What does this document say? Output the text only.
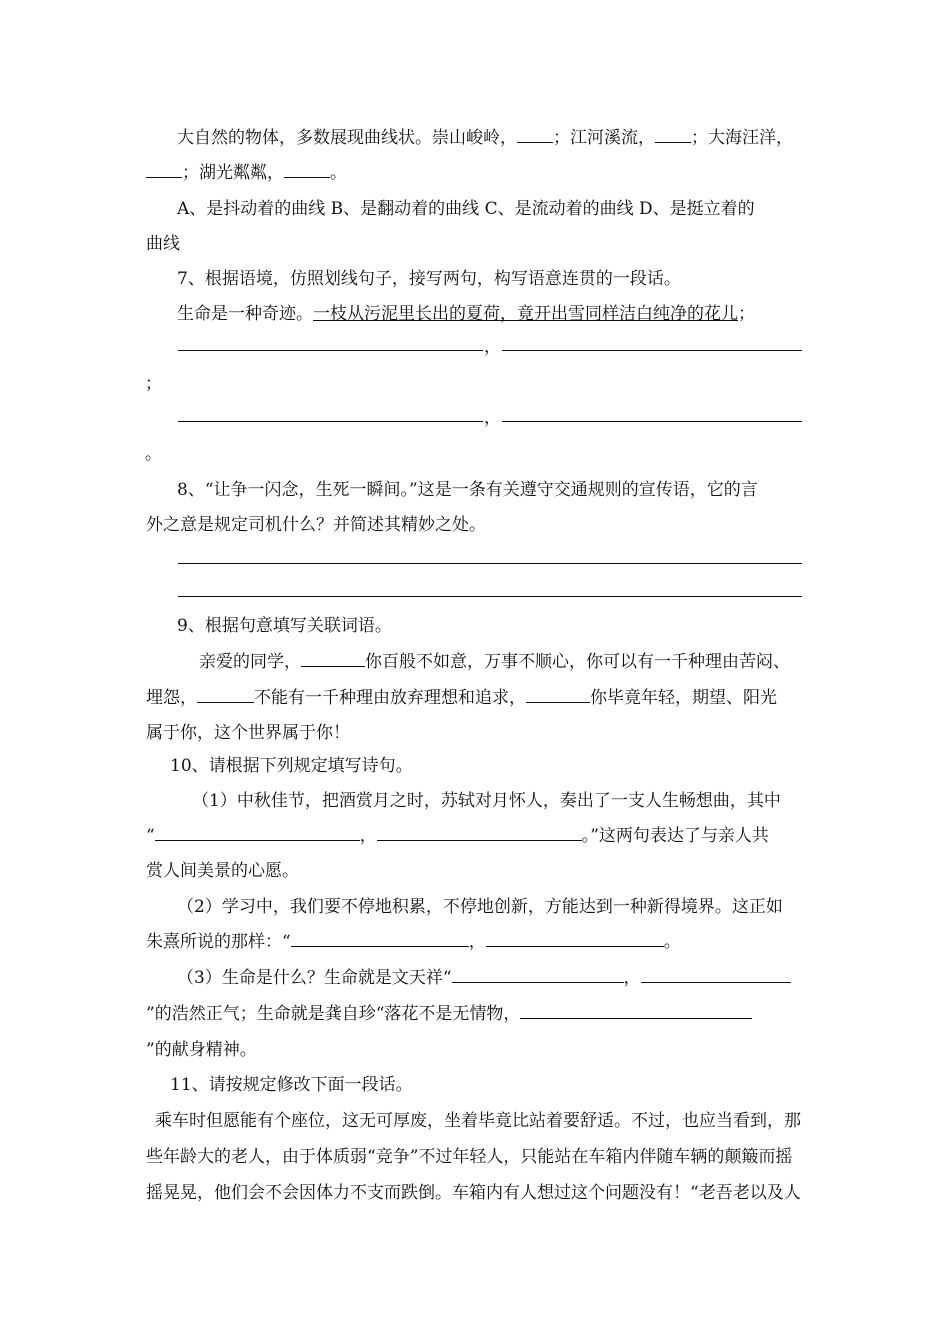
大自然的物体，多数展现曲线状。崇山峻岭， ；江河溪流， ；大海汪洋，
；湖光粼粼，	。
A、是抖动着的曲线 B、是翻动着的曲线 C、是流动着的曲线 D、是挺立着的
曲线
7、根据语境，仿照划线句子，接写两句，构写语意连贯的一段话。
生命是一种奇迹。一枝从污泥里长出的夏荷，竟开出雪同样洁白纯净的花儿；
，
；
，
。
8、“让争一闪念，生死一瞬间。”这是一条有关遵守交通规则的宣传语，它的言
外之意是规定司机什么？并简述其精妙之处。
9、根据句意填写关联词语。
亲爱的同学，	你百般不如意，万事不顺心，你可以有一千种理由苦闷、
埋怨，	不能有一千种理由放弃理想和追求，	你毕竟年轻，期望、阳光
属于你，这个世界属于你！
10、请根据下列规定填写诗句。
（1）中秋佳节，把酒赏月之时，苏轼对月怀人，奏出了一支人生畅想曲，其中
“	，	。”这两句表达了与亲人共
赏人间美景的心愿。
（2）学习中，我们要不停地积累，不停地创新，方能达到一种新得境界。这正如
朱熹所说的那样：“	，	。
（3）生命是什么？生命就是文天祥“	，
”的浩然正气；生命就是龚自珍“落花不是无情物，
”的献身精神。
11、请按规定修改下面一段话。
乘车时但愿能有个座位，这无可厚废，坐着毕竟比站着要舒适。不过，也应当看到，那
些年龄大的老人，由于体质弱“竞争”不过年轻人，只能站在车箱内伴随车辆的颠簸而摇
摇晃晃，他们会不会因体力不支而跌倒。车箱内有人想过这个问题没有！“老吾老以及人
